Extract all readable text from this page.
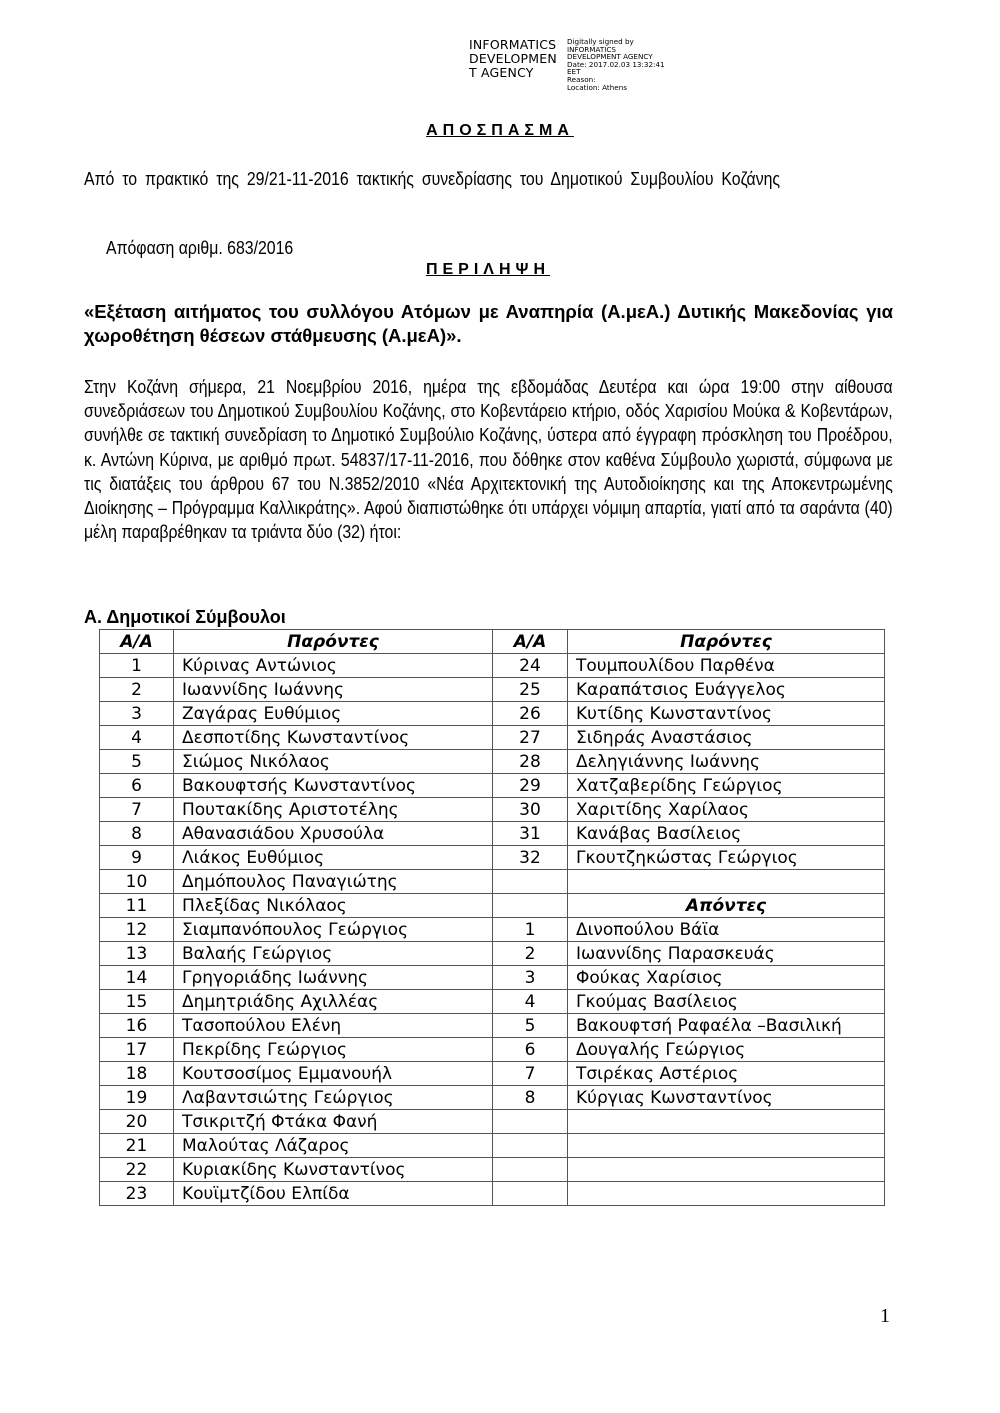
INFORMATICS
DEVELOPMEN
T AGENCY
Digitally signed by
INFORMATICS
DEVELOPMENT AGENCY
Date: 2017.02.03 13:32:41
EET
Reason:
Location: Athens
ΑΠΟΣΠΑΣΜΑ
Από το πρακτικό της 29/21-11-2016 τακτικής συνεδρίασης του Δημοτικού Συμβουλίου Κοζάνης
Απόφαση αριθμ. 683/2016
ΠΕΡΙΛΗΨΗ
«Εξέταση αιτήματος του συλλόγου Ατόμων με Αναπηρία (Α.μεΑ.) Δυτικής Μακεδονίας για χωροθέτηση θέσεων στάθμευσης (Α.μεΑ)».
Στην Κοζάνη σήμερα, 21 Νοεμβρίου 2016, ημέρα της εβδομάδας Δευτέρα και ώρα 19:00 στην αίθουσα συνεδριάσεων του Δημοτικού Συμβουλίου Κοζάνης, στο Κοβεντάρειο κτήριο, οδός Χαρισίου Μούκα & Κοβεντάρων, συνήλθε σε τακτική συνεδρίαση το Δημοτικό Συμβούλιο Κοζάνης, ύστερα από έγγραφη πρόσκληση του Προέδρου, κ. Αντώνη Κύρινα, με αριθμό πρωτ. 54837/17-11-2016, που δόθηκε στον καθένα Σύμβουλο χωριστά, σύμφωνα με τις διατάξεις του άρθρου 67 του Ν.3852/2010 «Νέα Αρχιτεκτονική της Αυτοδιοίκησης και της Αποκεντρωμένης Διοίκησης – Πρόγραμμα Καλλικράτης». Αφού διαπιστώθηκε ότι υπάρχει νόμιμη απαρτία, γιατί από τα σαράντα (40) μέλη παραβρέθηκαν τα τριάντα δύο (32) ήτοι:
Α. Δημοτικοί Σύμβουλοι
Α/Α	Παρόντες	Α/Α	Παρόντες
1	Κύρινας Αντώνιος	24	Τουμπουλίδου Παρθένα
2	Ιωαννίδης Ιωάννης	25	Καραπάτσιος Ευάγγελος
3	Ζαγάρας Ευθύμιος	26	Κυτίδης Κωνσταντίνος
4	Δεσποτίδης Κωνσταντίνος	27	Σιδηράς Αναστάσιος
5	Σιώμος Νικόλαος	28	Δεληγιάννης Ιωάννης
6	Βακουφτσής Κωνσταντίνος	29	Χατζαβερίδης Γεώργιος
7	Πουτακίδης Αριστοτέλης	30	Χαριτίδης Χαρίλαος
8	Αθανασιάδου Χρυσούλα	31	Κανάβας Βασίλειος
9	Λιάκος Ευθύμιος	32	Γκουτζηκώστας Γεώργιος
10	Δημόπουλος Παναγιώτης		
11	Πλεξίδας Νικόλαος		Απόντες
12	Σιαμπανόπουλος Γεώργιος	1	Δινοπούλου Βάϊα
13	Βαλαής Γεώργιος	2	Ιωαννίδης Παρασκευάς
14	Γρηγοριάδης Ιωάννης	3	Φούκας Χαρίσιος
15	Δημητριάδης Αχιλλέας	4	Γκούμας Βασίλειος
16	Τασοπούλου Ελένη	5	Βακουφτσή Ραφαέλα –Βασιλική
17	Πεκρίδης Γεώργιος	6	Δουγαλής Γεώργιος
18	Κουτσοσίμος Εμμανουήλ	7	Τσιρέκας Αστέριος
19	Λαβαντσιώτης Γεώργιος	8	Κύργιας Κωνσταντίνος
20	Τσικριτζή Φτάκα Φανή		
21	Μαλούτας Λάζαρος		
22	Κυριακίδης Κωνσταντίνος		
23	Κουϊμτζίδου Ελπίδα		
1
